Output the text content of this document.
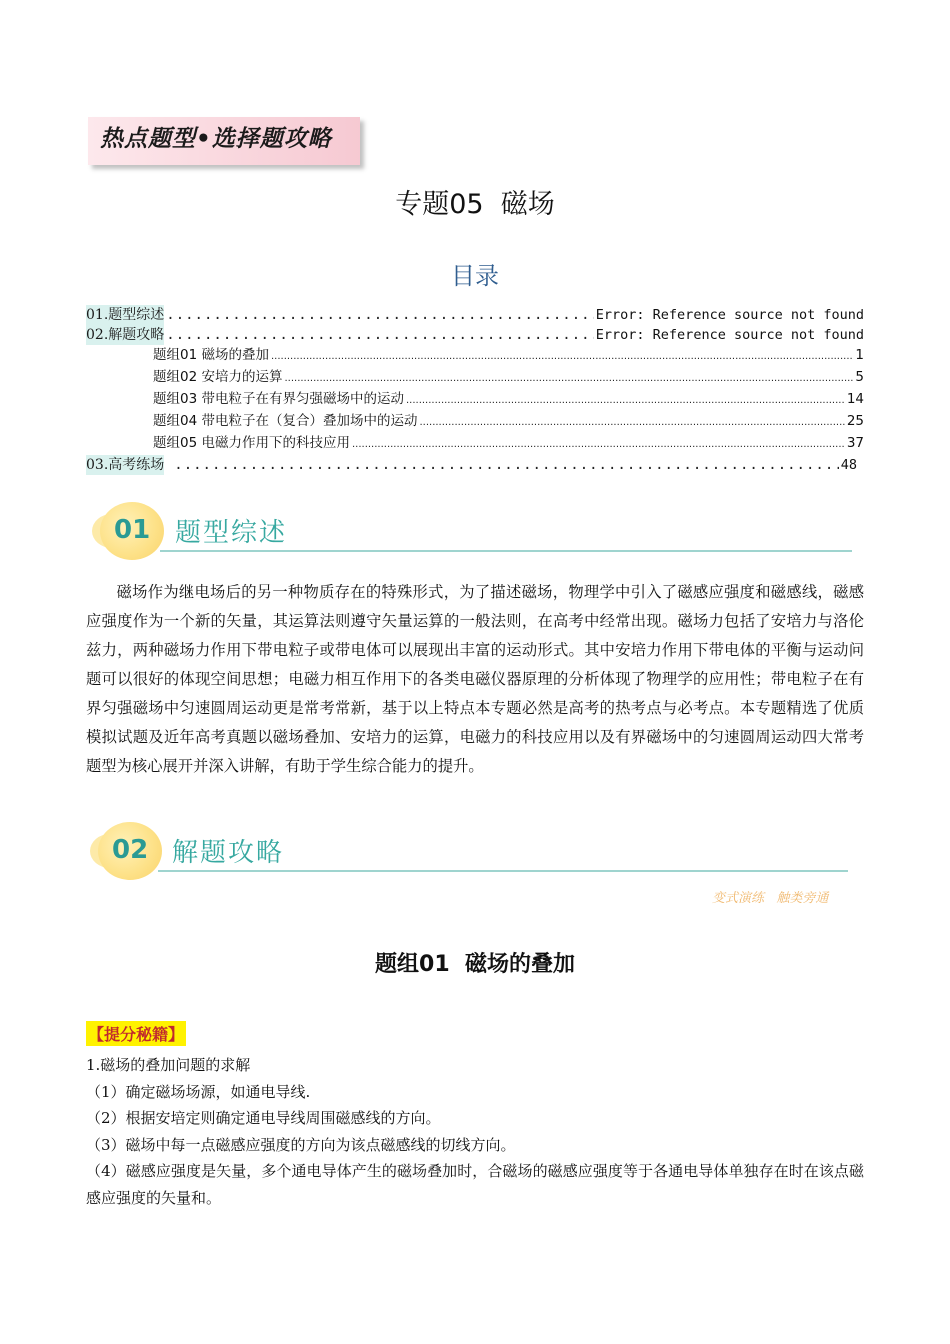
热点题型•选择题攻略
专题05 磁场
目录
01.题型综述 .....	Error: Reference source not found
02.解题攻略 .....	Error: Reference source not found
题组01 磁场的叠加 .....	1
题组02 安培力的运算 .....	5
题组03 带电粒子在有界匀强磁场中的运动 .....	14
题组04 带电粒子在（复合）叠加场中的运动 .....	25
题组05 电磁力作用下的科技应用 .....	37
03.高考练场 .....	48
01 题型综述
磁场作为继电场后的另一种物质存在的特殊形式，为了描述磁场，物理学中引入了磁感应强度和磁感线，磁感应强度作为一个新的矢量，其运算法则遵守矢量运算的一般法则，在高考中经常出现。磁场力包括了安培力与洛伦兹力，两种磁场力作用下带电粒子或带电体可以展现出丰富的运动形式。其中安培力作用下带电体的平衡与运动问题可以很好的体现空间思想；电磁力相互作用下的各类电磁仪器原理的分析体现了物理学的应用性；带电粒子在有界匀强磁场中匀速圆周运动更是常考常新，基于以上特点本专题必然是高考的热考点与必考点。本专题精选了优质模拟试题及近年高考真题以磁场叠加、安培力的运算，电磁力的科技应用以及有界磁场中的匀速圆周运动四大常考题型为核心展开并深入讲解，有助于学生综合能力的提升。
02 解题攻略
变式演练   触类旁通
题组01 磁场的叠加
【提分秘籍】
1.磁场的叠加问题的求解
（1）确定磁场场源，如通电导线.
（2）根据安培定则确定通电导线周围磁感线的方向。
（3）磁场中每一点磁感应强度的方向为该点磁感线的切线方向。
（4）磁感应强度是矢量，多个通电导体产生的磁场叠加时，合磁场的磁感应强度等于各通电导体单独存在时在该点磁感应强度的矢量和。
